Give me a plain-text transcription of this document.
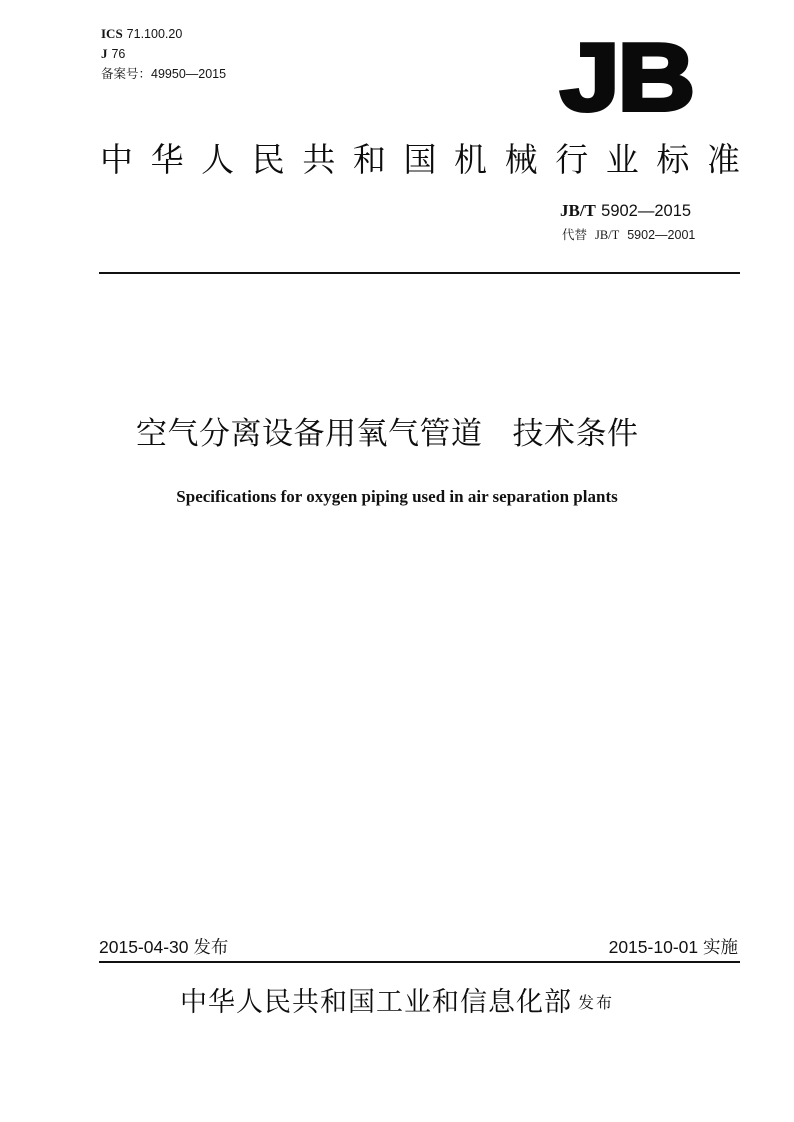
ICS 71.100.20
J 76
备案号：49950—2015	JB
中 华 人 民 共 和 国 机 械 行 业 标 准
JB/T 5902—2015
代替 JB/T 5902—2001
空气分离设备用氧气管道 技术条件
Specifications for oxygen piping used in air separation plants
2015-04-30 发布	2015-10-01 实施
中华人民共和国工业和信息化部 发布
